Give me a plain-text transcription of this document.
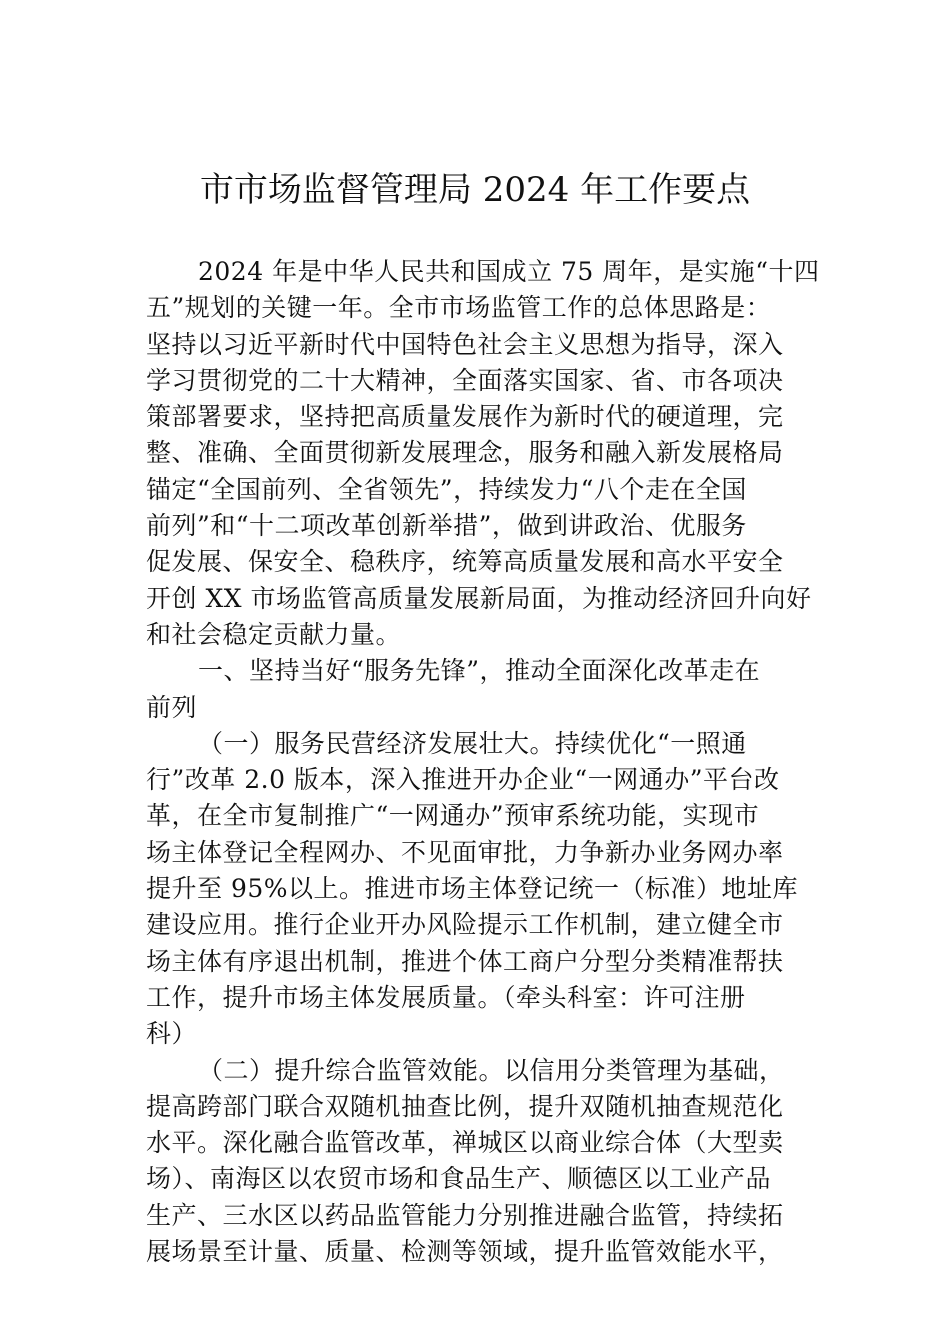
市市场监督管理局 2024 年工作要点
2024 年是中华人民共和国成立 75 周年，是实施“十四
五”规划的关键一年。全市市场监管工作的总体思路是：
坚持以习近平新时代中国特色社会主义思想为指导，深入
学习贯彻党的二十大精神，全面落实国家、省、市各项决
策部署要求，坚持把高质量发展作为新时代的硬道理，完
整、准确、全面贯彻新发展理念，服务和融入新发展格局
锚定“全国前列、全省领先”，持续发力“八个走在全国
前列”和“十二项改革创新举措”，做到讲政治、优服务
促发展、保安全、稳秩序，统筹高质量发展和高水平安全
开创 XX 市场监管高质量发展新局面，为推动经济回升向好
和社会稳定贡献力量。
一、坚持当好“服务先锋”，推动全面深化改革走在
前列
（一）服务民营经济发展壮大。持续优化“一照通
行”改革 2.0 版本，深入推进开办企业“一网通办”平台改
革，在全市复制推广“一网通办”预审系统功能，实现市
场主体登记全程网办、不见面审批，力争新办业务网办率
提升至 95%以上。推进市场主体登记统一（标准）地址库
建设应用。推行企业开办风险提示工作机制，建立健全市
场主体有序退出机制，推进个体工商户分型分类精准帮扶
工作，提升市场主体发展质量。（牵头科室：许可注册
科）
（二）提升综合监管效能。以信用分类管理为基础，
提高跨部门联合双随机抽查比例，提升双随机抽查规范化
水平。深化融合监管改革，禅城区以商业综合体（大型卖
场）、南海区以农贸市场和食品生产、顺德区以工业产品
生产、三水区以药品监管能力分别推进融合监管，持续拓
展场景至计量、质量、检测等领域，提升监管效能水平，
